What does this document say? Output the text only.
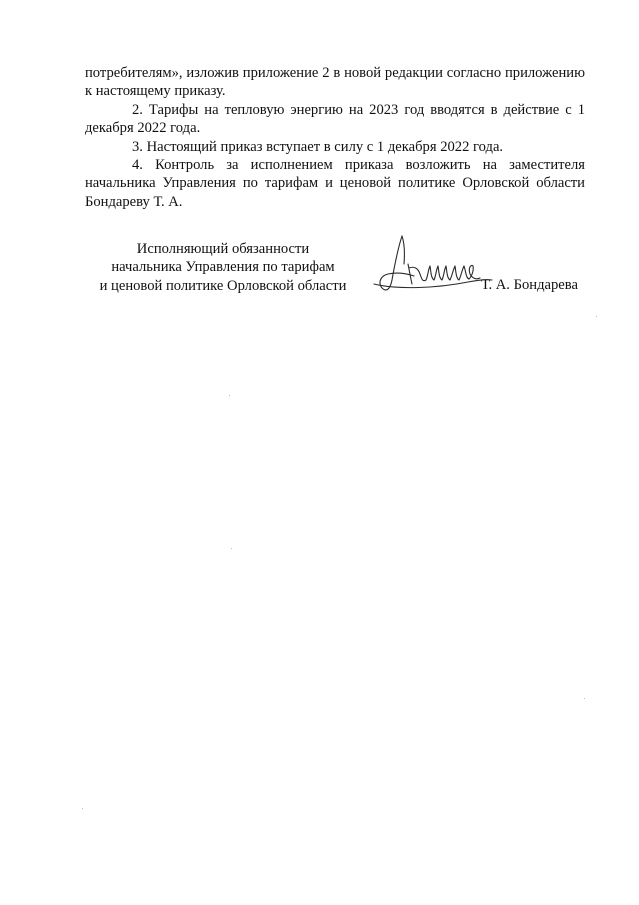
потребителям», изложив приложение 2 в новой редакции согласно приложению к настоящему приказу.

2. Тарифы на тепловую энергию на 2023 год вводятся в действие с 1 декабря 2022 года.

3. Настоящий приказ вступает в силу с 1 декабря 2022 года.

4. Контроль за исполнением приказа возложить на заместителя начальника Управления по тарифам и ценовой политике Орловской области Бондареву Т. А.

Исполняющий обязанности
начальника Управления по тарифам
и ценовой политике Орловской области	Т. А. Бондарева
